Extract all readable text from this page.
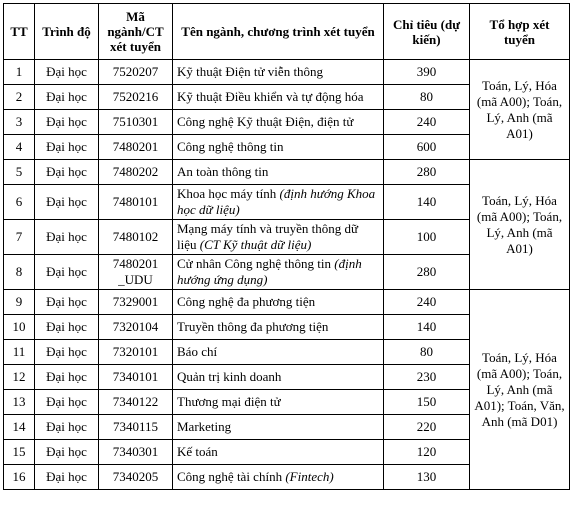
TT	Trình độ	Mã ngành/CT xét tuyển	Tên ngành, chương trình xét tuyển	Chỉ tiêu (dự kiến)	Tổ hợp xét tuyển
1	Đại học	7520207	Kỹ thuật Điện tử viễn thông	390	Toán, Lý, Hóa (mã A00); Toán, Lý, Anh (mã A01)
2	Đại học	7520216	Kỹ thuật Điều khiển và tự động hóa	80	
3	Đại học	7510301	Công nghệ Kỹ thuật Điện, điện tử	240	
4	Đại học	7480201	Công nghệ thông tin	600	
5	Đại học	7480202	An toàn thông tin	280	Toán, Lý, Hóa (mã A00); Toán, Lý, Anh (mã A01)
6	Đại học	7480101	Khoa học máy tính (định hướng Khoa học dữ liệu)	140	
7	Đại học	7480102	Mạng máy tính và truyền thông dữ liệu (CT Kỹ thuật dữ liệu)	100	
8	Đại học	7480201 _UDU	Cử nhân Công nghệ thông tin (định hướng ứng dụng)	280	
9	Đại học	7329001	Công nghệ đa phương tiện	240	Toán, Lý, Hóa (mã A00); Toán, Lý, Anh (mã A01); Toán, Văn, Anh (mã D01)
10	Đại học	7320104	Truyền thông đa phương tiện	140	
11	Đại học	7320101	Báo chí	80	
12	Đại học	7340101	Quản trị kinh doanh	230	
13	Đại học	7340122	Thương mại điện tử	150	
14	Đại học	7340115	Marketing	220	
15	Đại học	7340301	Kế toán	120	
16	Đại học	7340205	Công nghệ tài chính (Fintech)	130	
